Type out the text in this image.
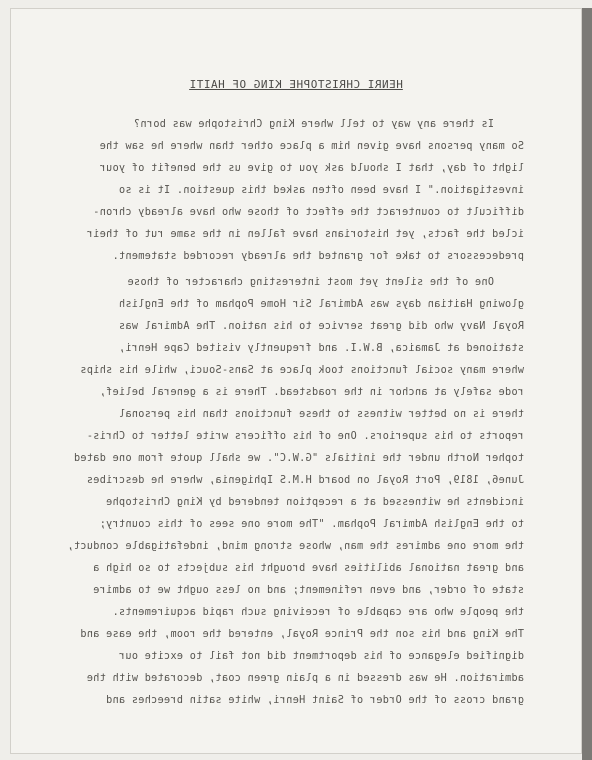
HENRI CHRISTOPHE KING OF HAITI
Is there any way to tell where King Christophe was born?
So many persons have given him a place other than where he saw the
light of day, that I should ask you to give us the benefit of your
investigation." I have been often asked this question. It is so
difficult to counteract the effect of those who have already chron-
icled the facts, yet historians have fallen in the same rut of their
predecessors to take for granted the already recorded statement.
One of the silent yet most interesting character of those
glowing Haitian days was Admiral Sir Home Popham of the English
Royal Navy who did great service to his nation. The Admiral was
stationed at Jamaica, B.W.I. and frequently visited Cape Henri,
where many social functions took place at Sans-Souci, while his ships
rode safely at anchor in the roadstead. There is a general belief,
there is no better witness to these functions than his personal
reports to his superiors. One of his officers write letter to Chris-
topher North under the initials "G.W.C". we shall quote from one dated
June6, 1819, Port Royal on board H.M.S Iphigenia, where he describes
incidents he witnessed at a reception tendered by King Christophe
to the English Admiral Popham. "The more one sees of this country;
the more one admires the man, whose strong mind, indefatigable conduct,
and great national abilities have brought his subjects to so high a
state of order, and even refinement; and no less ought we to admire
the people who are capable of receiving such rapid acquirements.
The King and his son the Prince Royal, entered the room, the ease and
dignified elegance of his deportment did not fail to excite our
admiration. He was dressed in a plain green coat, decorated with the
grand cross of the Order of Saint Henri, white satin breeches and
